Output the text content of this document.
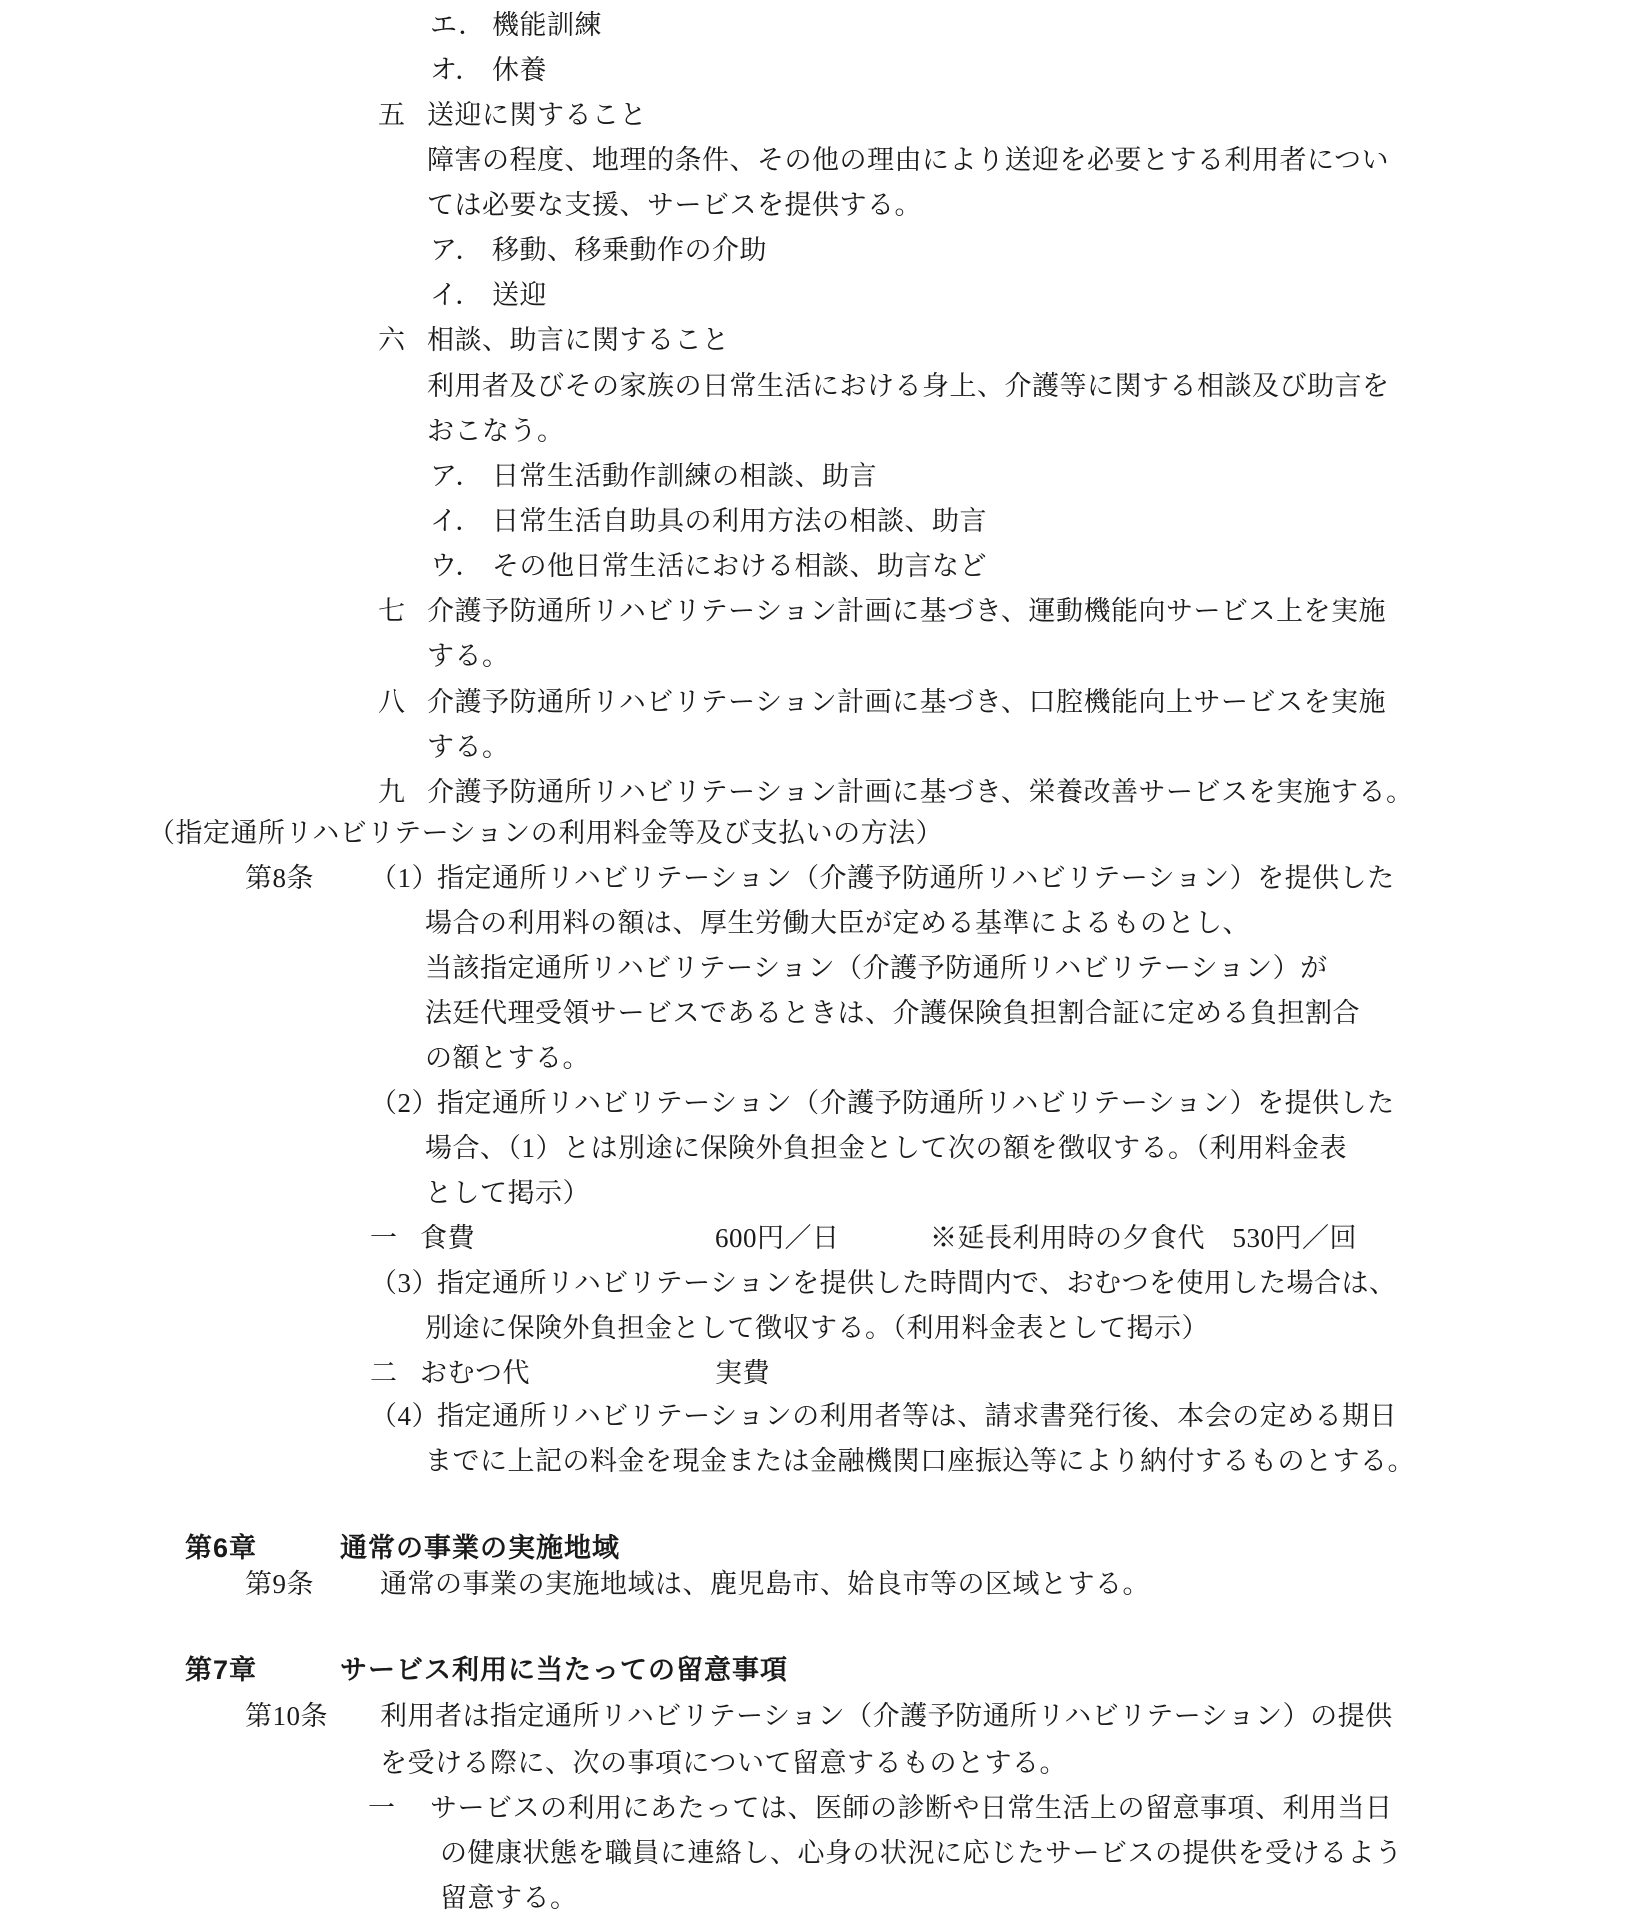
エ． 機能訓練
オ． 休養
五 送迎に関すること
障害の程度、地理的条件、その他の理由により送迎を必要とする利用者につい
ては必要な支援、サービスを提供する。
ア． 移動、移乗動作の介助
イ． 送迎
六 相談、助言に関すること
利用者及びその家族の日常生活における身上、介護等に関する相談及び助言を
おこなう。
ア． 日常生活動作訓練の相談、助言
イ． 日常生活自助具の利用方法の相談、助言
ウ． その他日常生活における相談、助言など
七 介護予防通所リハビリテーション計画に基づき、運動機能向サービス上を実施
する。
八 介護予防通所リハビリテーション計画に基づき、口腔機能向上サービスを実施
する。
九 介護予防通所リハビリテーション計画に基づき、栄養改善サービスを実施する。
（指定通所リハビリテーションの利用料金等及び支払いの方法）
第8条 （1）指定通所リハビリテーション（介護予防通所リハビリテーション）を提供した
場合の利用料の額は、厚生労働大臣が定める基準によるものとし、
当該指定通所リハビリテーション（介護予防通所リハビリテーション）が
法廷代理受領サービスであるときは、介護保険負担割合証に定める負担割合
の額とする。
（2）指定通所リハビリテーション（介護予防通所リハビリテーション）を提供した
場合、（1）とは別途に保険外負担金として次の額を徴収する。（利用料金表
として掲示）
一 食費	600円／日	※延長利用時の夕食代　530円／回
（3）指定通所リハビリテーションを提供した時間内で、おむつを使用した場合は、
別途に保険外負担金として徴収する。（利用料金表として掲示）
二 おむつ代	実費
（4）指定通所リハビリテーションの利用者等は、請求書発行後、本会の定める期日
までに上記の料金を現金または金融機関口座振込等により納付するものとする。
第6章	通常の事業の実施地域
第9条 通常の事業の実施地域は、鹿児島市、姶良市等の区域とする。
第7章	サービス利用に当たっての留意事項
第10条 利用者は指定通所リハビリテーション（介護予防通所リハビリテーション）の提供
を受ける際に、次の事項について留意するものとする。
一 サービスの利用にあたっては、医師の診断や日常生活上の留意事項、利用当日
の健康状態を職員に連絡し、心身の状況に応じたサービスの提供を受けるよう
留意する。
